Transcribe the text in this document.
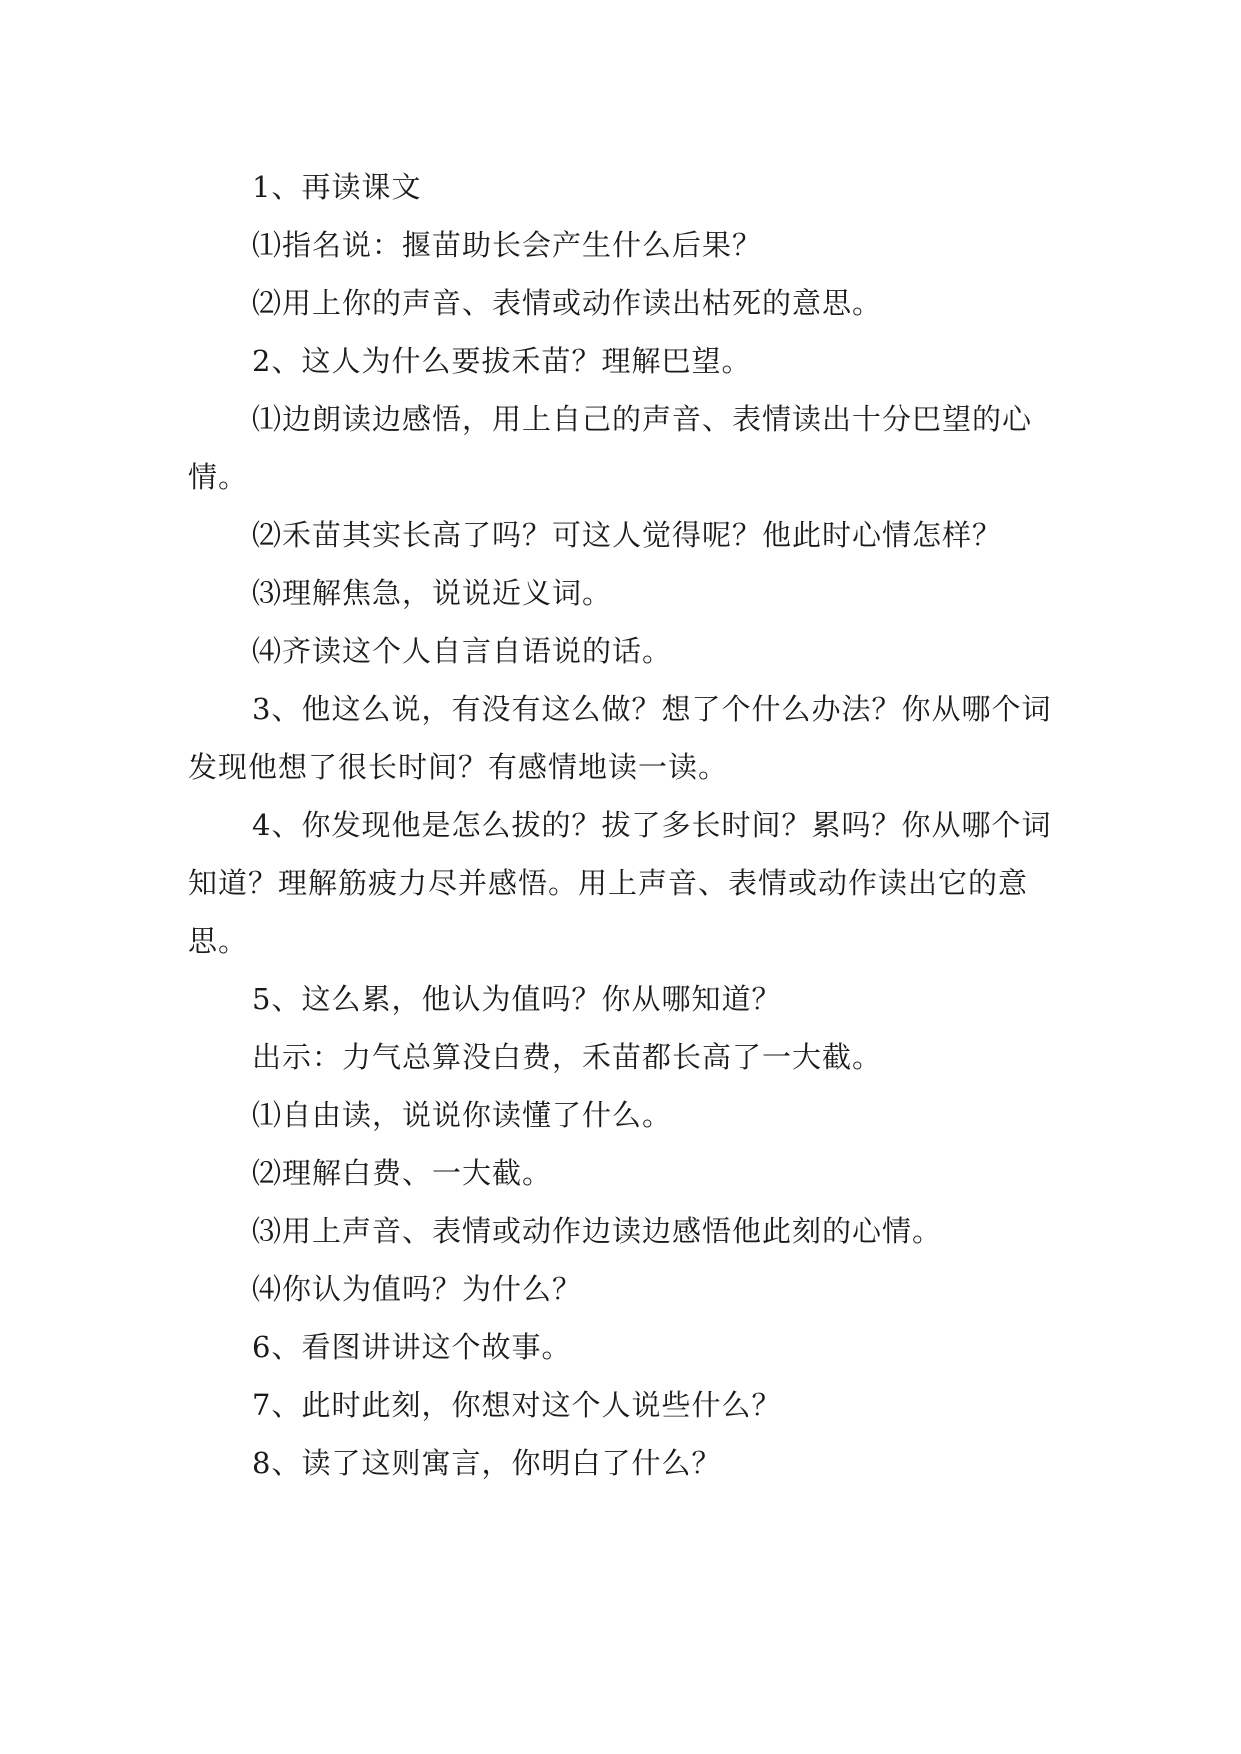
1、再读课文

⑴指名说：揠苗助长会产生什么后果？

⑵用上你的声音、表情或动作读出枯死的意思。

2、这人为什么要拔禾苗？理解巴望。

⑴边朗读边感悟，用上自己的声音、表情读出十分巴望的心情。

⑵禾苗其实长高了吗？可这人觉得呢？他此时心情怎样？

⑶理解焦急，说说近义词。

⑷齐读这个人自言自语说的话。

3、他这么说，有没有这么做？想了个什么办法？你从哪个词发现他想了很长时间？有感情地读一读。

4、你发现他是怎么拔的？拔了多长时间？累吗？你从哪个词知道？理解筋疲力尽并感悟。用上声音、表情或动作读出它的意思。

5、这么累，他认为值吗？你从哪知道？

出示：力气总算没白费，禾苗都长高了一大截。

⑴自由读，说说你读懂了什么。

⑵理解白费、一大截。

⑶用上声音、表情或动作边读边感悟他此刻的心情。

⑷你认为值吗？为什么？

6、看图讲讲这个故事。

7、此时此刻，你想对这个人说些什么？

8、读了这则寓言，你明白了什么？
